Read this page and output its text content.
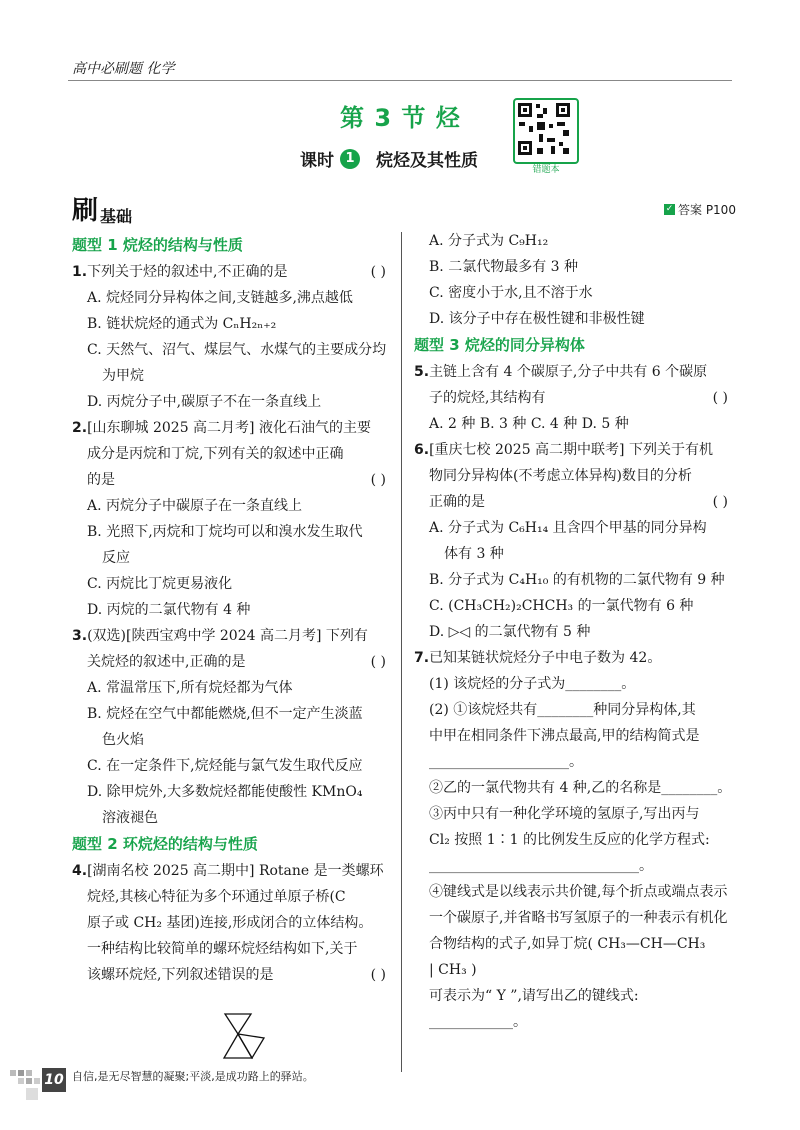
高中必刷题 化学
第 3 节 烃
课时 1	烷烃及其性质	错题本
刷 基础	✓ 答案 P100
题型 1 烷烃的结构与性质
1.下列关于烃的叙述中,不正确的是	( )
A. 烷烃同分异构体之间,支链越多,沸点越低
B. 链状烷烃的通式为 CₙH₂ₙ₊₂
C. 天然气、沼气、煤层气、水煤气的主要成分均
为甲烷
D. 丙烷分子中,碳原子不在一条直线上
2.[山东聊城 2025 高二月考] 液化石油气的主要
成分是丙烷和丁烷,下列有关的叙述中正确
的是	( )
A. 丙烷分子中碳原子在一条直线上
B. 光照下,丙烷和丁烷均可以和溴水发生取代
反应
C. 丙烷比丁烷更易液化
D. 丙烷的二氯代物有 4 种
3.(双选)[陕西宝鸡中学 2024 高二月考] 下列有
关烷烃的叙述中,正确的是	( )
A. 常温常压下,所有烷烃都为气体
B. 烷烃在空气中都能燃烧,但不一定产生淡蓝
色火焰
C. 在一定条件下,烷烃能与氯气发生取代反应
D. 除甲烷外,大多数烷烃都能使酸性 KMnO₄
溶液褪色
题型 2 环烷烃的结构与性质
4.[湖南名校 2025 高二期中] Rotane 是一类螺环
烷烃,其核心特征为多个环通过单原子桥(C
原子或 CH₂ 基团)连接,形成闭合的立体结构。
一种结构比较简单的螺环烷烃结构如下,关于
该螺环烷烃,下列叙述错误的是	( )
A. 分子式为 C₉H₁₂
B. 二氯代物最多有 3 种
C. 密度小于水,且不溶于水
D. 该分子中存在极性键和非极性键
题型 3 烷烃的同分异构体
5.主链上含有 4 个碳原子,分子中共有 6 个碳原
子的烷烃,其结构有	( )
A. 2 种 B. 3 种 C. 4 种 D. 5 种
6.[重庆七校 2025 高二期中联考] 下列关于有机
物同分异构体(不考虑立体异构)数目的分析
正确的是	( )
A. 分子式为 C₆H₁₄ 且含四个甲基的同分异构
体有 3 种
B. 分子式为 C₄H₁₀ 的有机物的二氯代物有 9 种
C. (CH₃CH₂)₂CHCH₃ 的一氯代物有 6 种
D. ▷◁ 的二氯代物有 5 种
7.已知某链状烷烃分子中电子数为 42。
(1) 该烷烃的分子式为________。
(2) ①该烷烃共有________种同分异构体,其
中甲在相同条件下沸点最高,甲的结构简式是
____________________。
②乙的一氯代物共有 4 种,乙的名称是________。
③丙中只有一种化学环境的氢原子,写出丙与
Cl₂ 按照 1∶1 的比例发生反应的化学方程式:
______________________________。
④键线式是以线表示共价键,每个折点或端点表示
一个碳原子,并省略书写氢原子的一种表示有机化
合物结构的式子,如异丁烷( CH₃—CH—CH₃
| CH₃ )
可表示为“ Y ”,请写出乙的键线式:
____________。
10 自信,是无尽智慧的凝聚;平淡,是成功路上的驿站。
